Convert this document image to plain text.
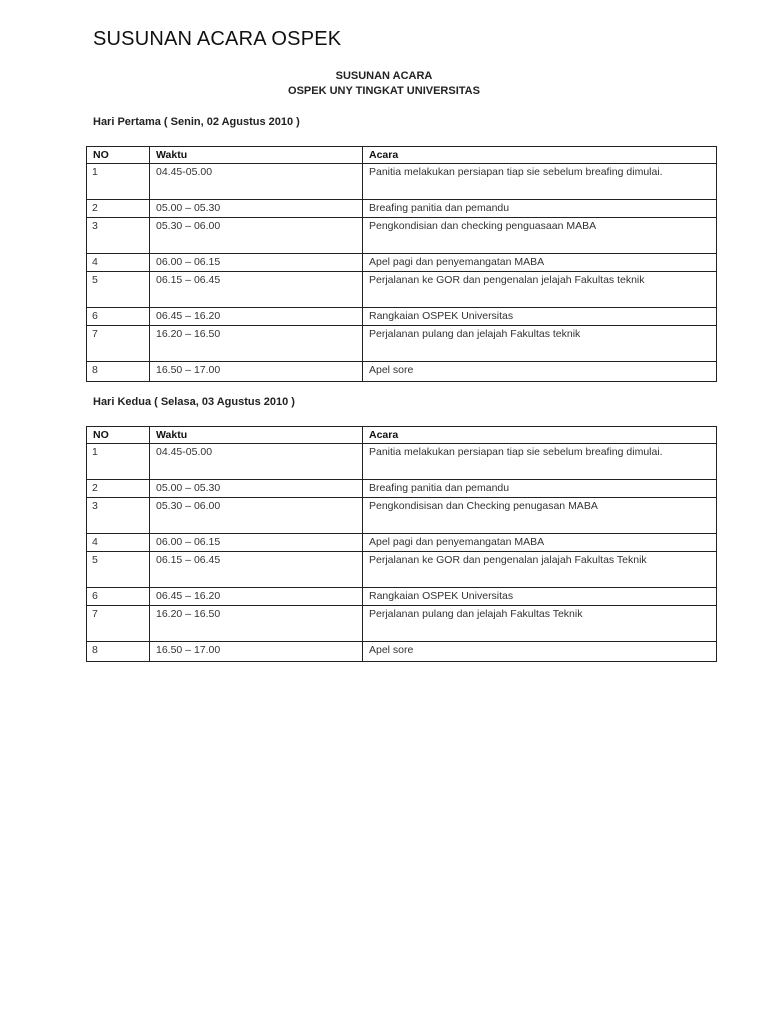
SUSUNAN ACARA OSPEK
SUSUNAN ACARA
OSPEK UNY TINGKAT UNIVERSITAS
Hari Pertama ( Senin, 02 Agustus 2010 )
NO	Waktu	Acara
1	04.45-05.00	Panitia melakukan persiapan tiap sie sebelum breafing dimulai.
2	05.00 – 05.30	Breafing panitia dan pemandu
3	05.30 – 06.00	Pengkondisian dan checking penguasaan MABA
4	06.00 – 06.15	Apel pagi dan penyemangatan MABA
5	06.15 – 06.45	Perjalanan ke GOR dan pengenalan jelajah Fakultas teknik
6	06.45 – 16.20	Rangkaian OSPEK Universitas
7	16.20 – 16.50	Perjalanan pulang dan jelajah Fakultas teknik
8	16.50 – 17.00	Apel sore
Hari Kedua ( Selasa, 03 Agustus 2010 )
NO	Waktu	Acara
1	04.45-05.00	Panitia melakukan persiapan tiap sie sebelum breafing dimulai.
2	05.00 – 05.30	Breafing panitia dan pemandu
3	05.30 – 06.00	Pengkondisisan dan Checking penugasan MABA
4	06.00 – 06.15	Apel pagi dan penyemangatan MABA
5	06.15 – 06.45	Perjalanan ke GOR dan pengenalan jalajah Fakultas Teknik
6	06.45 – 16.20	Rangkaian OSPEK Universitas
7	16.20 – 16.50	Perjalanan pulang dan jelajah Fakultas Teknik
8	16.50 – 17.00	Apel sore
